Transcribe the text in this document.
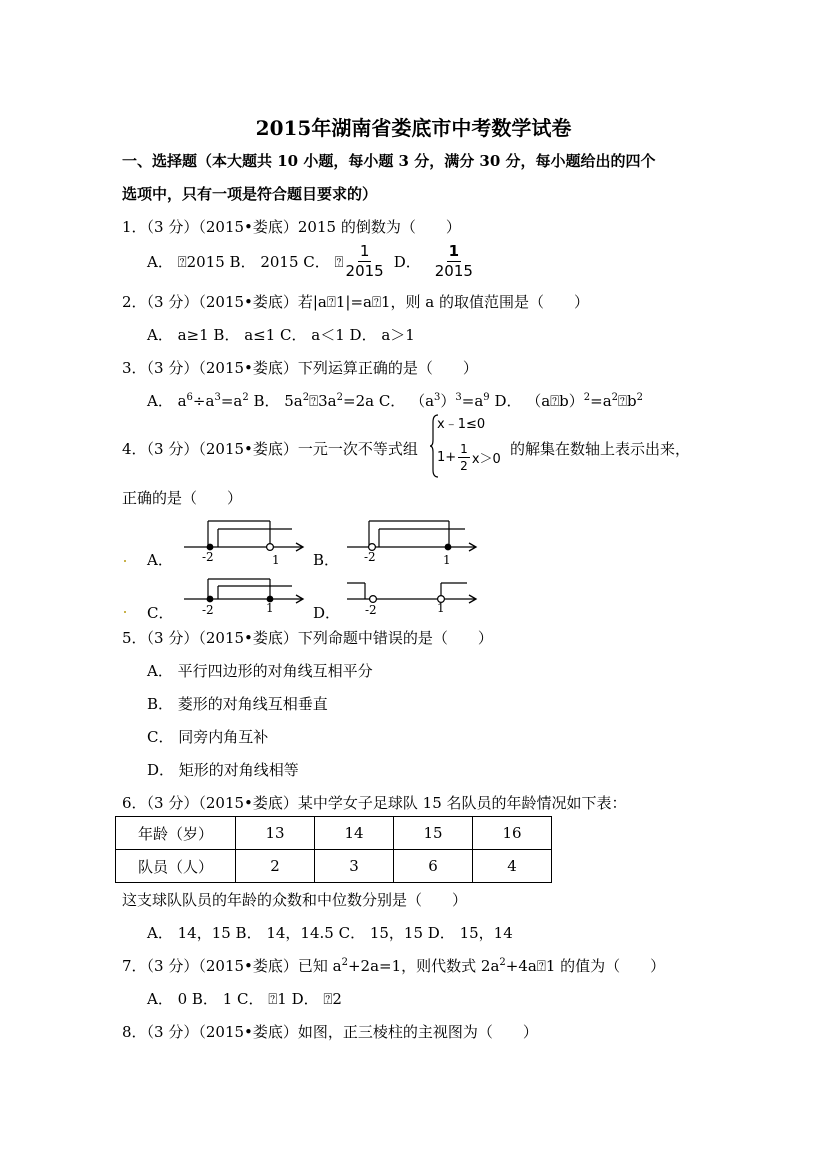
2015年湖南省娄底市中考数学试卷
一、选择题（本大题共 10 小题，每小题 3 分，满分 30 分，每小题给出的四个
选项中，只有一项是符合题目要求的）
1．（3 分）（2015•娄底）2015 的倒数为（　　）
A． ⍰2015 B． 2015 C． ⍰ $\frac{1}{2015}$ D． $\frac{1}{2015}$
2．（3 分）（2015•娄底）若|a⍰1|=a⍰1，则 a 的取值范围是（　　）
A． a≥1 B． a≤1 C． a＜1 D． a＞1
3．（3 分）（2015•娄底）下列运算正确的是（　　）
A． $a^6\div a^3=a^2$ B． $5a^2⍰3a^2=2a$ C． $(a^3)^3=a^9$ D． $(a⍰b)^2=a^2⍰b^2$
4．（3 分）（2015•娄底）一元一次不等式组
x﹣1≤0
$1+ \frac{1}{2} x>0$
的解集在数轴上表示出来，
正确的是（　　）
A．	B．
C．	D．
-2	1	-2	1
-2	1	-2	1
5．（3 分）（2015•娄底）下列命题中错误的是（　　）
A． 平行四边形的对角线互相平分
B． 菱形的对角线互相垂直
C． 同旁内角互补
D． 矩形的对角线相等
6．（3 分）（2015•娄底）某中学女子足球队 15 名队员的年龄情况如下表：
年龄（岁）	13	14	15	16
队员（人）	2	3	6	4
这支球队队员的年龄的众数和中位数分别是（　　）
A． 14，15 B． 14，14.5 C． 15，15 D． 15，14
7．（3 分）（2015•娄底）已知 $a^2+2a=1$，则代数式 $2a^2+4a⍰1$ 的值为（　　）
A． 0 B． 1 C． ⍰1 D． ⍰2
8．（3 分）（2015•娄底）如图，正三棱柱的主视图为（　　）
